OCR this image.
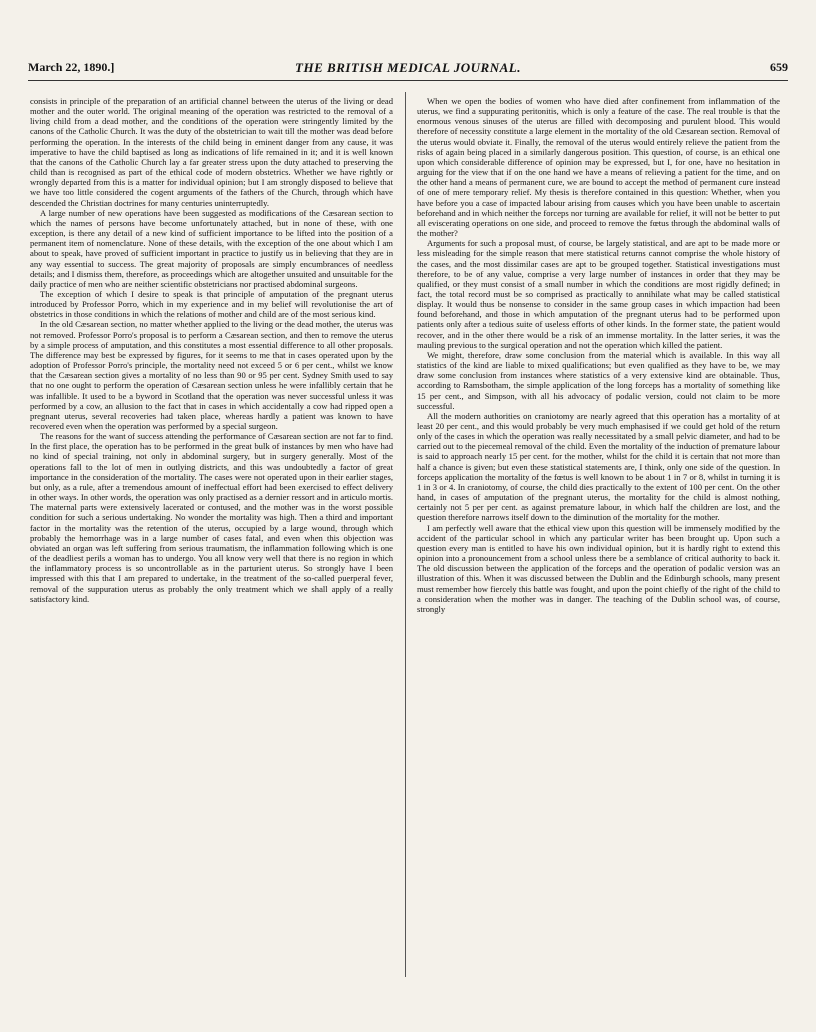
March 22, 1890.]	THE BRITISH MEDICAL JOURNAL.	659

consists in principle of the preparation of an artificial channel between the uterus of the living or dead mother and the outer world. The original meaning of the operation was restricted to the removal of a living child from a dead mother, and the conditions of the operation were stringently limited by the canons of the Catholic Church. It was the duty of the obstetrician to wait till the mother was dead before performing the operation. In the interests of the child being in eminent danger from any cause, it was imperative to have the child baptised as long as indications of life remained in it; and it is well known that the canons of the Catholic Church lay a far greater stress upon the duty attached to preserving the child than is recognised as part of the ethical code of modern obstetrics. Whether we have rightly or wrongly departed from this is a matter for individual opinion; but I am strongly disposed to believe that we have too little considered the cogent arguments of the fathers of the Church, through which have descended the Christian doctrines for many centuries uninterruptedly.

A large number of new operations have been suggested as modifications of the Cæsarean section to which the names of persons have become unfortunately attached, but in none of these, with one exception, is there any detail of a new kind of sufficient importance to be lifted into the position of a permanent item of nomenclature. None of these details, with the exception of the one about which I am about to speak, have proved of sufficient important in practice to justify us in believing that they are in any way essential to success. The great majority of proposals are simply encumbrances of needless details; and I dismiss them, therefore, as proceedings which are altogether unsuited and unsuitable for the daily practice of men who are neither scientific obstetricians nor practised abdominal surgeons.

The exception of which I desire to speak is that principle of amputation of the pregnant uterus introduced by Professor Porro, which in my experience and in my belief will revolutionise the art of obstetrics in those conditions in which the relations of mother and child are of the most serious kind.

In the old Cæsarean section, no matter whether applied to the living or the dead mother, the uterus was not removed. Professor Porro's proposal is to perform a Cæsarean section, and then to remove the uterus by a simple process of amputation, and this constitutes a most essential difference to all other proposals. The difference may best be expressed by figures, for it seems to me that in cases operated upon by the adoption of Professor Porro's principle, the mortality need not exceed 5 or 6 per cent., whilst we know that the Cæsarean section gives a mortality of no less than 90 or 95 per cent. Sydney Smith used to say that no one ought to perform the operation of Cæsarean section unless he were infallibly certain that he was infallible. It used to be a byword in Scotland that the operation was never successful unless it was performed by a cow, an allusion to the fact that in cases in which accidentally a cow had ripped open a pregnant uterus, several recoveries had taken place, whereas hardly a patient was known to have recovered even when the operation was performed by a special surgeon.

The reasons for the want of success attending the performance of Cæsarean section are not far to find. In the first place, the operation has to be performed in the great bulk of instances by men who have had no kind of special training, not only in abdominal surgery, but in surgery generally. Most of the operations fall to the lot of men in outlying districts, and this was undoubtedly a factor of great importance in the consideration of the mortality. The cases were not operated upon in their earlier stages, but only, as a rule, after a tremendous amount of ineffectual effort had been exercised to effect delivery in other ways. In other words, the operation was only practised as a dernier ressort and in articulo mortis. The maternal parts were extensively lacerated or contused, and the mother was in the worst possible condition for such a serious undertaking. No wonder the mortality was high. Then a third and important factor in the mortality was the retention of the uterus, occupied by a large wound, through which probably the hemorrhage was in a large number of cases fatal, and even when this objection was obviated an organ was left suffering from serious traumatism, the inflammation following which is one of the deadliest perils a woman has to undergo. You all know very well that there is no region in which the inflammatory process is so uncontrollable as in the parturient uterus. So strongly have I been impressed with this that I am prepared to undertake, in the treatment of the so-called puerperal fever, removal of the suppuration uterus as probably the only treatment which we shall apply of a really satisfactory kind.

When we open the bodies of women who have died after confinement from inflammation of the uterus, we find a suppurating peritonitis, which is only a feature of the case. The real trouble is that the enormous venous sinuses of the uterus are filled with decomposing and purulent blood. This would therefore of necessity constitute a large element in the mortality of the old Cæsarean section. Removal of the uterus would obviate it. Finally, the removal of the uterus would entirely relieve the patient from the risks of again being placed in a similarly dangerous position. This question, of course, is an ethical one upon which considerable difference of opinion may be expressed, but I, for one, have no hesitation in arguing for the view that if on the one hand we have a means of relieving a patient for the time, and on the other hand a means of permanent cure, we are bound to accept the method of permanent cure instead of one of mere temporary relief. My thesis is therefore contained in this question: Whether, when you have before you a case of impacted labour arising from causes which you have been unable to ascertain beforehand and in which neither the forceps nor turning are available for relief, it will not be better to put all eviscerating operations on one side, and proceed to remove the fœtus through the abdominal walls of the mother?

Arguments for such a proposal must, of course, be largely statistical, and are apt to be made more or less misleading for the simple reason that mere statistical returns cannot comprise the whole history of the cases, and the most dissimilar cases are apt to be grouped together. Statistical investigations must therefore, to be of any value, comprise a very large number of instances in order that they may be qualified, or they must consist of a small number in which the conditions are most rigidly defined; in fact, the total record must be so comprised as practically to annihilate what may be called statistical display. It would thus be nonsense to consider in the same group cases in which impaction had been found beforehand, and those in which amputation of the pregnant uterus had to be performed upon patients only after a tedious suite of useless efforts of other kinds. In the former state, the patient would recover, and in the other there would be a risk of an immense mortality. In the latter series, it was the mauling previous to the surgical operation and not the operation which killed the patient.

We might, therefore, draw some conclusion from the material which is available. In this way all statistics of the kind are liable to mixed qualifications; but even qualified as they have to be, we may draw some conclusion from instances where statistics of a very extensive kind are obtainable. Thus, according to Ramsbotham, the simple application of the long forceps has a mortality of something like 15 per cent., and Simpson, with all his advocacy of podalic version, could not claim to be more successful.

All the modern authorities on craniotomy are nearly agreed that this operation has a mortality of at least 20 per cent., and this would probably be very much emphasised if we could get hold of the return only of the cases in which the operation was really necessitated by a small pelvic diameter, and had to be carried out to the piecemeal removal of the child. Even the mortality of the induction of premature labour is said to approach nearly 15 per cent. for the mother, whilst for the child it is certain that not more than half a chance is given; but even these statistical statements are, I think, only one side of the question. In forceps application the mortality of the fœtus is well known to be about 1 in 7 or 8, whilst in turning it is 1 in 3 or 4. In craniotomy, of course, the child dies practically to the extent of 100 per cent. On the other hand, in cases of amputation of the pregnant uterus, the mortality for the child is almost nothing, certainly not 5 per per cent. as against premature labour, in which half the children are lost, and the question therefore narrows itself down to the diminution of the mortality for the mother.

I am perfectly well aware that the ethical view upon this question will be immensely modified by the accident of the particular school in which any particular writer has been brought up. Upon such a question every man is entitled to have his own individual opinion, but it is hardly right to extend this opinion into a pronouncement from a school unless there be a semblance of critical authority to back it. The old discussion between the application of the forceps and the operation of podalic version was an illustration of this. When it was discussed between the Dublin and the Edinburgh schools, many present must remember how fiercely this battle was fought, and upon the point chiefly of the right of the child to a consideration when the mother was in danger. The teaching of the Dublin school was, of course, strongly
